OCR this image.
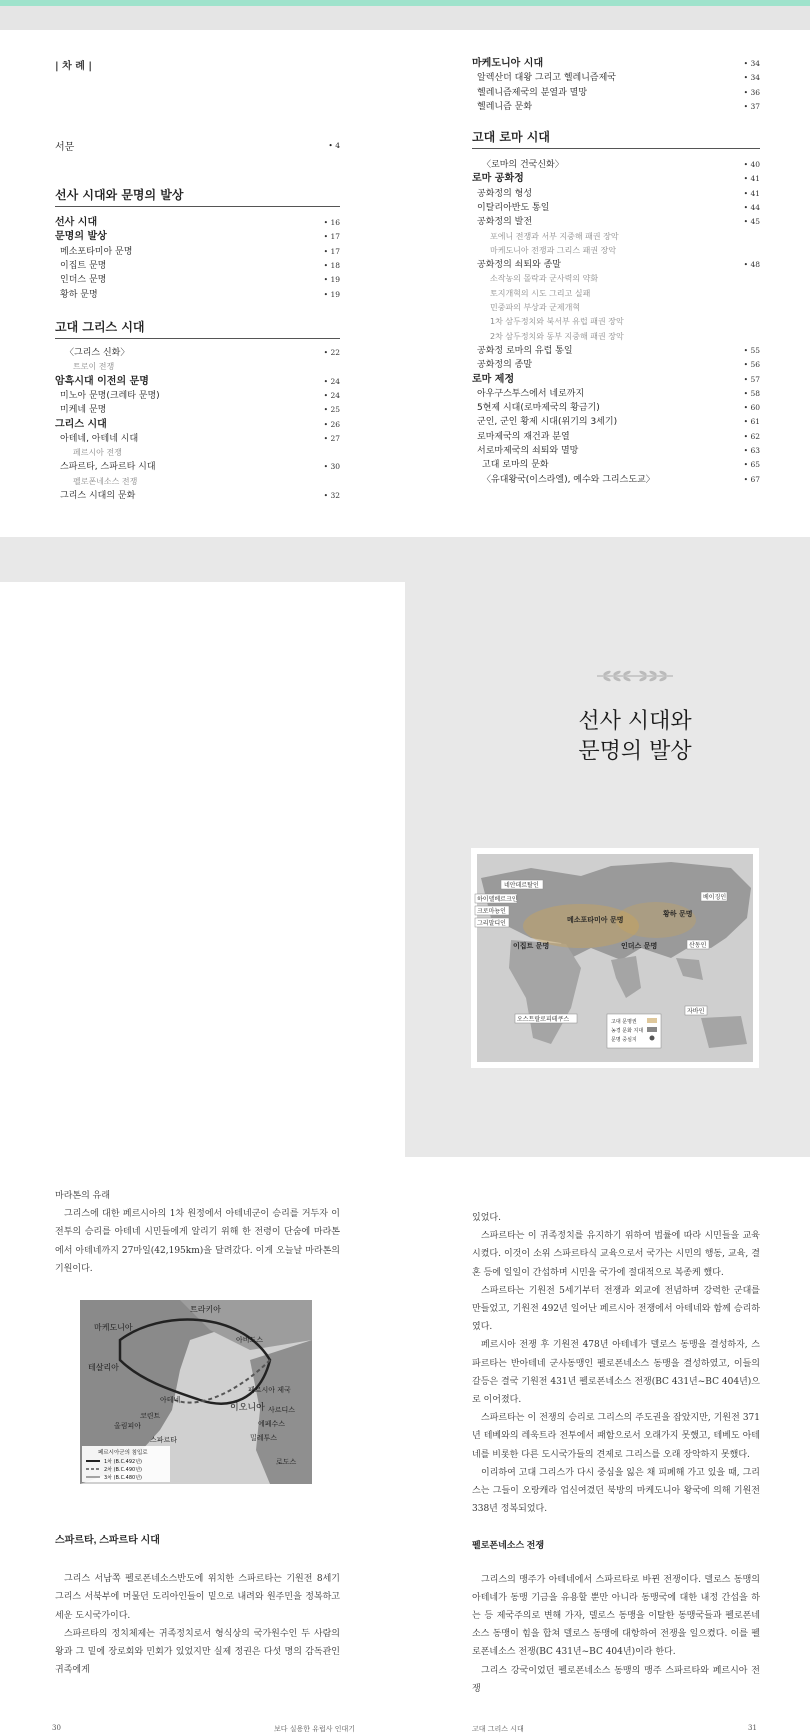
| 차 례 |
서문	• 4
선사 시대와 문명의 발상
선사 시대	• 16
문명의 발상	• 17
메소포타미아 문명	• 17
이집트 문명	• 18
인더스 문명	• 19
황하 문명	• 19
고대 그리스 시대
〈그리스 신화〉	• 22
트로이 전쟁
암흑시대 이전의 문명	• 24
미노아 문명(크레타 문명)	• 24
미케네 문명	• 25
그리스 시대	• 26
아테네, 아테네 시대	• 27
페르시아 전쟁
스파르타, 스파르타 시대	• 30
펠로폰네소스 전쟁
그리스 시대의 문화	• 32
마케도니아 시대	• 34
알렉산더 대왕 그리고 헬레니즘제국	• 34
헬레니즘제국의 분열과 멸망	• 36
헬레니즘 문화	• 37
고대 로마 시대
〈로마의 건국신화〉	• 40
로마 공화정	• 41
공화정의 형성	• 41
이탈리아반도 통일	• 44
공화정의 발전	• 45
포에니 전쟁과 서부 지중해 패권 장악
마케도니아 전쟁과 그리스 패권 장악
공화정의 쇠퇴와 종말	• 48
소작농의 몰락과 군사력의 약화
토지개혁의 시도 그리고 실패
민중파의 부상과 군제개혁
1차 삼두정치와 북서부 유럽 패권 장악
2차 삼두정치와 동부 지중해 패권 장악
공화정 로마의 유럽 통일	• 55
공화정의 종말	• 56
로마 제정	• 57
아우구스투스에서 네로까지	• 58
5현제 시대(로마제국의 황금기)	• 60
군인, 군인 황제 시대(위기의 3세기)	• 61
로마제국의 재건과 분열	• 62
서로마제국의 쇠퇴와 멸망	• 63
고대 로마의 문화	• 65
〈유대왕국(이스라엘), 예수와 그리스도교〉	• 67
선사 시대와
문명의 발상
네안데르탈인
하이델베르크인
크로마뇽인
그리말디인	메소포타미아 문명
이집트 문명	인더스 문명
황하 문명
베이징인
산동인
자바인
오스트랄로피테쿠스	고대 문명권
농경 문화 지대
문명 중심지
마라톤의 유래

그리스에 대한 페르시아의 1차 원정에서 아테네군이 승리를 거두자 이 전투의 승리를 아테네 시민들에게 알리기 위해 한 전령이 단숨에 마라톤에서 아테네까지 27마일(42,195km)을 달려갔다. 이게 오늘날 마라톤의 기원이다.

트라키아
마케도니아
테살리아
아비도스
이오니아
페르시아 제국
사르디스
에페수스
아테네
스파르타
코린트
올림피아
밀레투스
로도스
페르시아군의 침입로
1차 (B.C.492년)
2차 (B.C.490년)
3차 (B.C.480년)
스파르타, 스파르타 시대

그리스 서남쪽 펠로폰네소스반도에 위치한 스파르타는 기원전 8세기 그리스 서북부에 머물던 도리아인들이 밑으로 내려와 원주민을 정복하고 세운 도시국가이다.

스파르타의 정치체제는 귀족정치로서 형식상의 국가원수인 두 사람의 왕과 그 밑에 장로회와 민회가 있었지만 실제 정권은 다섯 명의 감독관인 귀족에게

있었다.

스파르타는 이 귀족정치를 유지하기 위하여 법률에 따라 시민들을 교육시켰다. 이것이 소위 스파르타식 교육으로서 국가는 시민의 행동, 교육, 결혼 등에 일일이 간섭하며 시민을 국가에 절대적으로 복종케 했다.

스파르타는 기원전 5세기부터 전쟁과 외교에 전념하며 강력한 군대를 만들었고, 기원전 492년 일어난 페르시아 전쟁에서 아테네와 함께 승리하였다.

페르시아 전쟁 후 기원전 478년 아테네가 델로스 동맹을 결성하자, 스파르타는 반아테네 군사동맹인 펠로폰네소스 동맹을 결성하였고, 이들의 갈등은 결국 기원전 431년 펠로폰네소스 전쟁(BC 431년~BC 404년)으로 이어졌다.

스파르타는 이 전쟁의 승리로 그리스의 주도권을 잡았지만, 기원전 371년 테베와의 레욱트라 전투에서 패함으로서 오래가지 못했고, 테베도 아테네를 비롯한 다른 도시국가들의 견제로 그리스를 오래 장악하지 못했다.

이리하여 고대 그리스가 다시 중심을 잃은 채 피폐해 가고 있을 때, 그리스는 그들이 오랑캐라 업신여겼던 북방의 마케도니아 왕국에 의해 기원전 338년 정복되었다.

펠로폰네소스 전쟁

그리스의 맹주가 아테네에서 스파르타로 바뀐 전쟁이다. 델로스 동맹의 아테네가 동맹 기금을 유용할 뿐만 아니라 동맹국에 대한 내정 간섭을 하는 등 제국주의로 변해 가자, 델로스 동맹을 이탈한 동맹국들과 펠로폰네소스 동맹이 힘을 합쳐 델로스 동맹에 대항하여 전쟁을 일으켰다. 이를 펠로폰네소스 전쟁(BC 431년~BC 404년)이라 한다.

그리스 강국이었던 펠로폰네소스 동맹의 맹주 스파르타와 페르시아 전쟁

30	보다 실용한 유럽사 인대기	고대 그리스 시대	31
